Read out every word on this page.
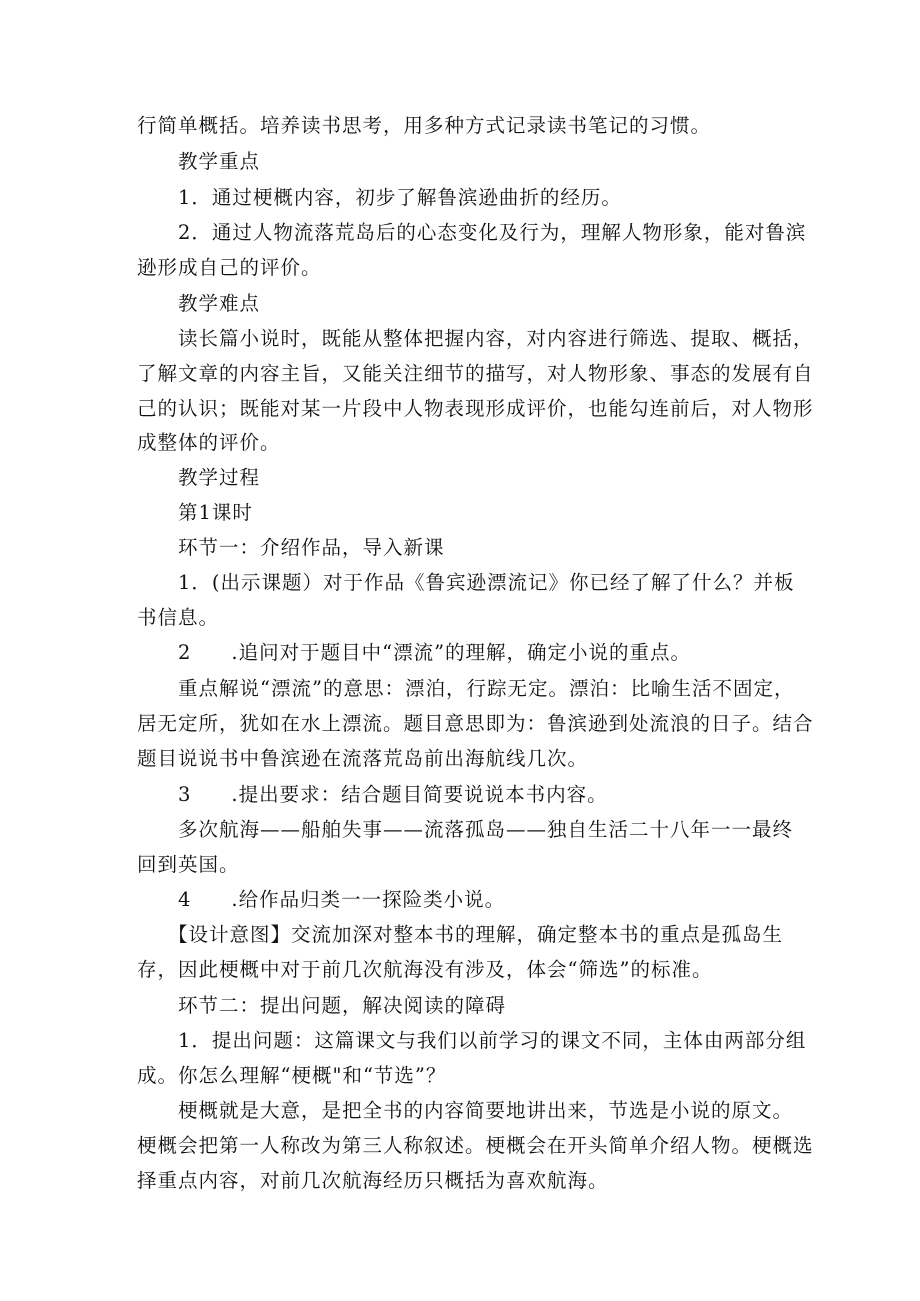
行简单概括。培养读书思考，用多种方式记录读书笔记的习惯。
教学重点
1．通过梗概内容，初步了解鲁滨逊曲折的经历。
2．通过人物流落荒岛后的心态变化及行为，理解人物形象，能对鲁滨
逊形成自己的评价。
教学难点
读长篇小说时，既能从整体把握内容，对内容进行筛选、提取、概括，
了解文章的内容主旨，又能关注细节的描写，对人物形象、事态的发展有自
己的认识；既能对某一片段中人物表现形成评价，也能勾连前后，对人物形
成整体的评价。
教学过程
第1课时
环节一：介绍作品，导入新课
1．(出示课题）对于作品《鲁宾逊漂流记》你已经了解了什么？并板
书信息。
2 .追问对于题目中“漂流”的理解，确定小说的重点。
重点解说“漂流”的意思：漂泊，行踪无定。漂泊：比喻生活不固定，
居无定所，犹如在水上漂流。题目意思即为：鲁滨逊到处流浪的日子。结合
题目说说书中鲁滨逊在流落荒岛前出海航线几次。
3 .提出要求：结合题目简要说说本书内容。
多次航海——船舶失事——流落孤岛——独自生活二十八年一一最终
回到英国。
4 .给作品归类一一探险类小说。
【设计意图】交流加深对整本书的理解，确定整本书的重点是孤岛生
存，因此梗概中对于前几次航海没有涉及，体会“筛选”的标准。
环节二：提出问题，解决阅读的障碍
1．提出问题：这篇课文与我们以前学习的课文不同，主体由两部分组
成。你怎么理解“梗概"和“节选”？
梗概就是大意，是把全书的内容简要地讲出来，节选是小说的原文。
梗概会把第一人称改为第三人称叙述。梗概会在开头简单介绍人物。梗概选
择重点内容，对前几次航海经历只概括为喜欢航海。
